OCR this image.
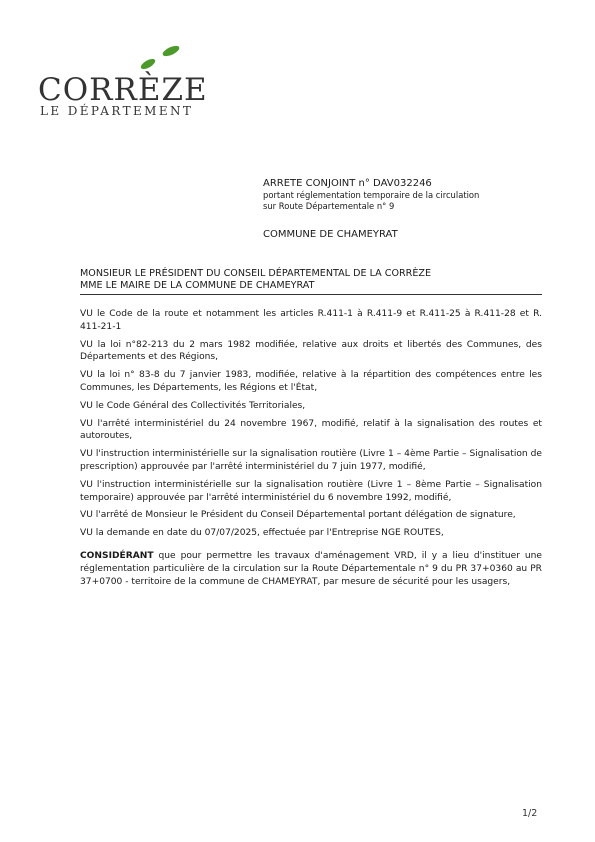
CORRÈZE
LE DÉPARTEMENT
ARRETE CONJOINT n° DAV032246
portant réglementation temporaire de la circulation
sur Route Départementale n° 9
COMMUNE DE CHAMEYRAT
MONSIEUR LE PRÉSIDENT DU CONSEIL DÉPARTEMENTAL DE LA CORRÈZE
MME LE MAIRE DE LA COMMUNE DE CHAMEYRAT

VU le Code de la route et notamment les articles R.411-1 à R.411-9 et R.411-25 à R.411-28 et R. 411-21-1

VU la loi n°82-213 du 2 mars 1982 modifiée, relative aux droits et libertés des Communes, des Départements et des Régions,

VU la loi n° 83-8 du 7 janvier 1983, modifiée, relative à la répartition des compétences entre les Communes, les Départements, les Régions et l'État,

VU le Code Général des Collectivités Territoriales,

VU l'arrêté interministériel du 24 novembre 1967, modifié, relatif à la signalisation des routes et autoroutes,

VU l'instruction interministérielle sur la signalisation routière (Livre 1 – 4ème Partie – Signalisation de prescription) approuvée par l'arrêté interministériel du 7 juin 1977, modifié,

VU l'instruction interministérielle sur la signalisation routière (Livre 1 – 8ème Partie – Signalisation temporaire) approuvée par l'arrêté interministériel du 6 novembre 1992, modifié,

VU l'arrêté de Monsieur le Président du Conseil Départemental portant délégation de signature,

VU la demande en date du 07/07/2025, effectuée par l'Entreprise NGE ROUTES,

CONSIDÉRANT que pour permettre les travaux d'aménagement VRD, il y a lieu d'instituer une réglementation particulière de la circulation sur la Route Départementale n° 9 du PR 37+0360 au PR 37+0700 - territoire de la commune de CHAMEYRAT, par mesure de sécurité pour les usagers,
1/2
